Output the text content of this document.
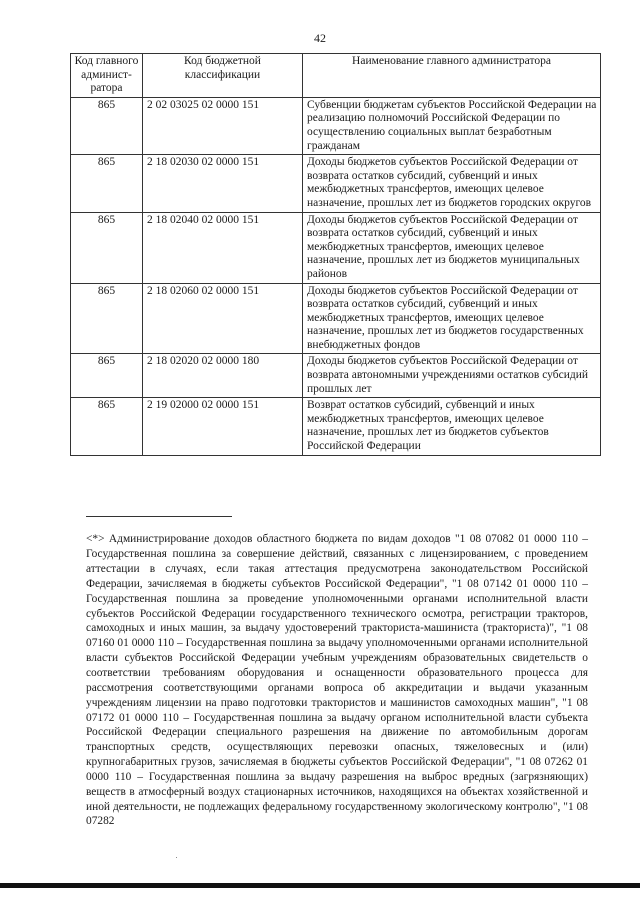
42
Код главного админист-ратора	Код бюджетной классификации	Наименование главного администратора
865	2 02 03025 02 0000 151	Субвенции бюджетам субъектов Российской Федерации на реализацию полномочий Российской Федерации по осуществлению социальных выплат безработным гражданам
865	2 18 02030 02 0000 151	Доходы бюджетов субъектов Российской Федерации от возврата остатков субсидий, субвенций и иных межбюджетных трансфертов, имеющих целевое назначение, прошлых лет из бюджетов городских округов
865	2 18 02040 02 0000 151	Доходы бюджетов субъектов Российской Федерации от возврата остатков субсидий, субвенций и иных межбюджетных трансфертов, имеющих целевое назначение, прошлых лет из бюджетов муниципальных районов
865	2 18 02060 02 0000 151	Доходы бюджетов субъектов Российской Федерации от возврата остатков субсидий, субвенций и иных межбюджетных трансфертов, имеющих целевое назначение, прошлых лет из бюджетов государственных внебюджетных фондов
865	2 18 02020 02 0000 180	Доходы бюджетов субъектов Российской Федерации от возврата автономными учреждениями остатков субсидий прошлых лет
865	2 19 02000 02 0000 151	Возврат остатков субсидий, субвенций и иных межбюджетных трансфертов, имеющих целевое назначение, прошлых лет из бюджетов субъектов Российской Федерации

<*> Администрирование доходов областного бюджета по видам доходов "1 08 07082 01 0000 110 – Государственная пошлина за совершение действий, связанных с лицензированием, с проведением аттестации в случаях, если такая аттестация предусмотрена законодательством Российской Федерации, зачисляемая в бюджеты субъектов Российской Федерации", "1 08 07142 01 0000 110 – Государственная пошлина за проведение уполномоченными органами исполнительной власти субъектов Российской Федерации государственного технического осмотра, регистрации тракторов, самоходных и иных машин, за выдачу удостоверений тракториста-машиниста (тракториста)", "1 08 07160 01 0000 110 – Государственная пошлина за выдачу уполномоченными органами исполнительной власти субъектов Российской Федерации учебным учреждениям образовательных свидетельств о соответствии требованиям оборудования и оснащенности образовательного процесса для рассмотрения соответствующими органами вопроса об аккредитации и выдачи указанным учреждениям лицензии на право подготовки трактористов и машинистов самоходных машин", "1 08 07172 01 0000 110 – Государственная пошлина за выдачу органом исполнительной власти субъекта Российской Федерации специального разрешения на движение по автомобильным дорогам транспортных средств, осуществляющих перевозки опасных, тяжеловесных и (или) крупногабаритных грузов, зачисляемая в бюджеты субъектов Российской Федерации", "1 08 07262 01 0000 110 – Государственная пошлина за выдачу разрешения на выброс вредных (загрязняющих) веществ в атмосферный воздух стационарных источников, находящихся на объектах хозяйственной и иной деятельности, не подлежащих федеральному государственному экологическому контролю", "1 08 07282
